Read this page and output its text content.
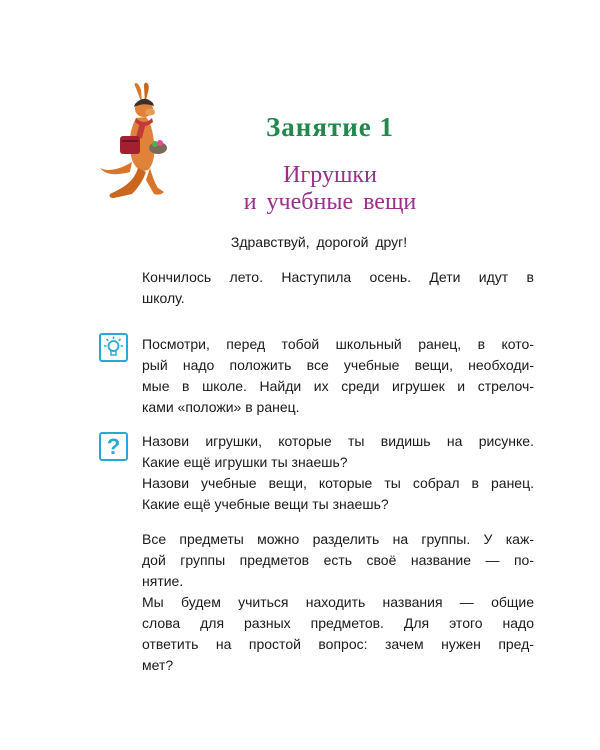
Занятие 1
Игрушки
и учебные вещи
Здравствуй, дорогой друг!
Кончилось лето. Наступила осень. Дети идут в
школу.
Посмотри, перед тобой школьный ранец, в кото-
рый надо положить все учебные вещи, необходи-
мые в школе. Найди их среди игрушек и стрелоч-
ками «положи» в ранец.
? Назови игрушки, которые ты видишь на рисунке.
Какие ещё игрушки ты знаешь?
Назови учебные вещи, которые ты собрал в ранец.
Какие ещё учебные вещи ты знаешь?
Все предметы можно разделить на группы. У каж-
дой группы предметов есть своё название — по-
нятие.
Мы будем учиться находить названия — общие
слова для разных предметов. Для этого надо
ответить на простой вопрос: зачем нужен пред-
мет?
